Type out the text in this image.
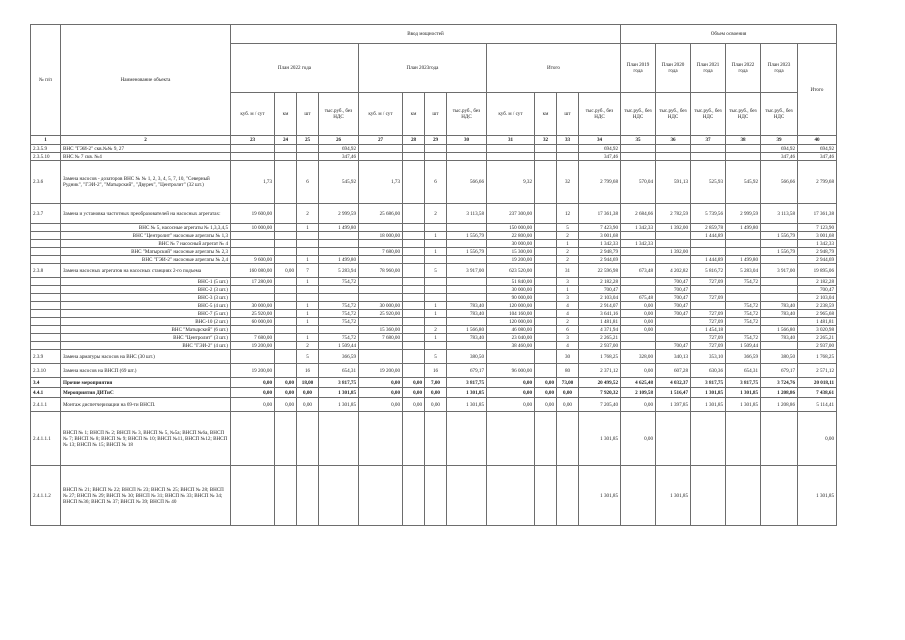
№ п/п	Наименование объекта	Ввод мощностей												Объем освоения					
		План 2022 года				План 2023года				Итого				План 2019 года	План 2020 года	План 2021 года	План 2022 года	План 2023 года	Итого
		куб. м / сут	км	шт	тыс.руб., без НДС	куб. м / сут	км	шт	тыс.руб., без НДС	куб. м / сут	км	шт	тыс.руб., без НДС	тыс.руб., без НДС	тыс.руб., без НДС	тыс.руб., без НДС	тыс.руб., без НДС	тыс.руб., без НДС	
1	2	23	24	25	26	27	28	29	30	31	32	33	34	35	36	37	38	39	40
2.3.5.9	ВНС "ГЭИ-2" скв.№№ 9, 27				694,92								694,92					694,92	694,92
2.3.5.10	ВНС № 7 скв. №4				347,46								347,46					347,46	347,46
2.3.6	Замена насосов - дозаторов ВНС № № 1, 2, 3, 4, 5, 7, 10, "Северный Рудник", "ГЭИ-2", "Матырский", "Двуреч", "Центролит" (32 шт.)	1,73		6	545,92	1,73		6	566,66	9,32		32	2 799,68	570,04	591,13	525,93	545,92	566,66	2 799,68
2.3.7	Замена и установка частотных преобразователей на насосных агрегатах:	19 600,00		2	2 999,59	25 686,00		2	3 113,58	237 300,00		12	17 361,38	2 684,66	2 782,59	5 739,56	2 999,59	3 113,58	17 361,38
	ВНС № 5, насосные агрегаты № 1,3,3,4,5	10 000,00		1	1 499,80					150 000,00		5	7 423,90	1 342,33	1 392,00	2 859,78	1 499,80		7 123,90
	ВНС "Центролит" насосные агрегаты № 1,3					18 000,00		1	1 556,79	22 800,00		2	3 001,68			1 444,89		1 556,79	3 001,68
	ВНС № 7 насосный агрегат № 4									30 000,00		1	1 342,33	1 342,33					1 342,33
	ВНС "Матырский" насосные агрегаты № 2,3					7 680,00		1	1 556,79	15 300,00		2	2 948,79		1 392,00			1 556,79	2 948,79
	ВНС "ГЭИ-2" насосные агрегаты № 2,4	9 600,00		1	1 499,80					19 200,00		2	2 944,69			1 444,89	1 499,80		2 944,69
2.3.8	Замена насосных агрегатов на насосных станциях 2-го подъема	160 080,00	0,00	7	5 283,94	78 960,00		5	3 917,00	623 520,00		31	22 596,98	673,48	4 202,82	5 816,72	5 283,04	3 917,00	19 895,06
	ВНС-1 (5 шт.)	17 280,00		1	754,72					51 840,00		3	2 182,28		700,47	727,09	754,72		2 182,28
	ВНС-2 (3 шт.)									30 000,00		1	700,47		700,47				700,47
	ВНС-3 (3 шт.)									90 000,00		3	2 103,04	675,48	700,47	727,09			2 103,04
	ВНС-5 (4 шт.)	30 000,00		1	754,72	30 000,00		1	783,40	120 000,00		4	2 914,07	0,00	700,47		754,72	783,40	2 238,59
	ВНС-7 (5 шт.)	25 920,00		1	754,72	25 920,00		1	783,40	104 160,00		4	3 641,16	0,00	700,47	727,09	754,72	783,40	2 965,68
	ВНС-10 (2 шт.)	60 000,00		1	754,72					120 000,00		2	1 481,81	0,00		727,09	754,72		1 481,81
	ВНС "Матырский" (6 шт.)					15 360,00		2	1 566,80	46 080,00		6	4 371,94	0,00		1 454,18		1 566,80	3 020,98
	ВНС "Центролит" (3 шт.)	7 680,00		1	754,72	7 680,00		1	783,40	23 040,00		3	2 265,21			727,09	754,72	783,40	2 265,21
	ВНС "ГЭИ-2" (4 шт.)	19 200,00		2	1 509,44					38 460,00		4	2 937,00		700,47	727,09	1 509,44		2 937,00
2.3.9	Замена арматуры насосов на ВНС (30 шт.)			5	366,59			5	380,50			30	1 768,25	328,00	340,13	353,10	366,59	380,50	1 768,25
2.3.10	Замена насосов на ВНСП (69 шт.)	19 200,00		16	654,31	19 200,00		16	679,17	96 000,00		80	2 371,12	0,00	607,28	630,36	654,31	679,17	2 571,12
3.4	Прочие мероприятия	0,00	0,00	18,00	3 817,75	0,00	0,00	7,00	3 817,75	0,00	0,00	73,00	20 499,52	4 625,48	4 032,37	3 817,75	3 817,75	3 724,76	20 018,11
4.4.1	Мероприятия ДИТиС	0,00	0,00	0,00	1 301,85	0,00	0,00	0,00	1 301,85	0,00	0,00	0,00	7 920,32	2 109,58	1 516,47	1 301,85	1 301,85	1 208,86	7 438,61
2.4.1.1	Монтаж диспетчеризации на 69-ти ВНСП.	0,00	0,00	0,00	1 301,85	0,00	0,00	0,00	1 301,85	0,00	0,00	0,00	7 205,40	0,00	1 397,85	1 301,85	1 301,85	1 208,86	5 114,41
2.4.1.1.1	ВНСП № 1; ВНСП № 2; ВНСП № 3, ВНСП № 5, №5а; ВНСП №6а, ВНСП № 7; ВНСП № 8; ВНСП № 9; ВНСП № 10; ВНСП №11, ВНСП №12; ВНСП № 13; ВНСП № 15; ВНСП № 18												1 301,85	0,00					0,00
2.4.1.1.2	ВНСП № 21; ВНСП № 22; ВНСП № 23; ВНСП № 25; ВНСП № 28; ВНСП № 27; ВНСП № 29; ВНСП № 30; ВНСП № 31; ВНСП № 33; ВНСП № 34; ВНСП №36; ВНСП № 37; ВНСП № 39; ВНСП № 40												1 301,85		1 301,85				1 301,85
